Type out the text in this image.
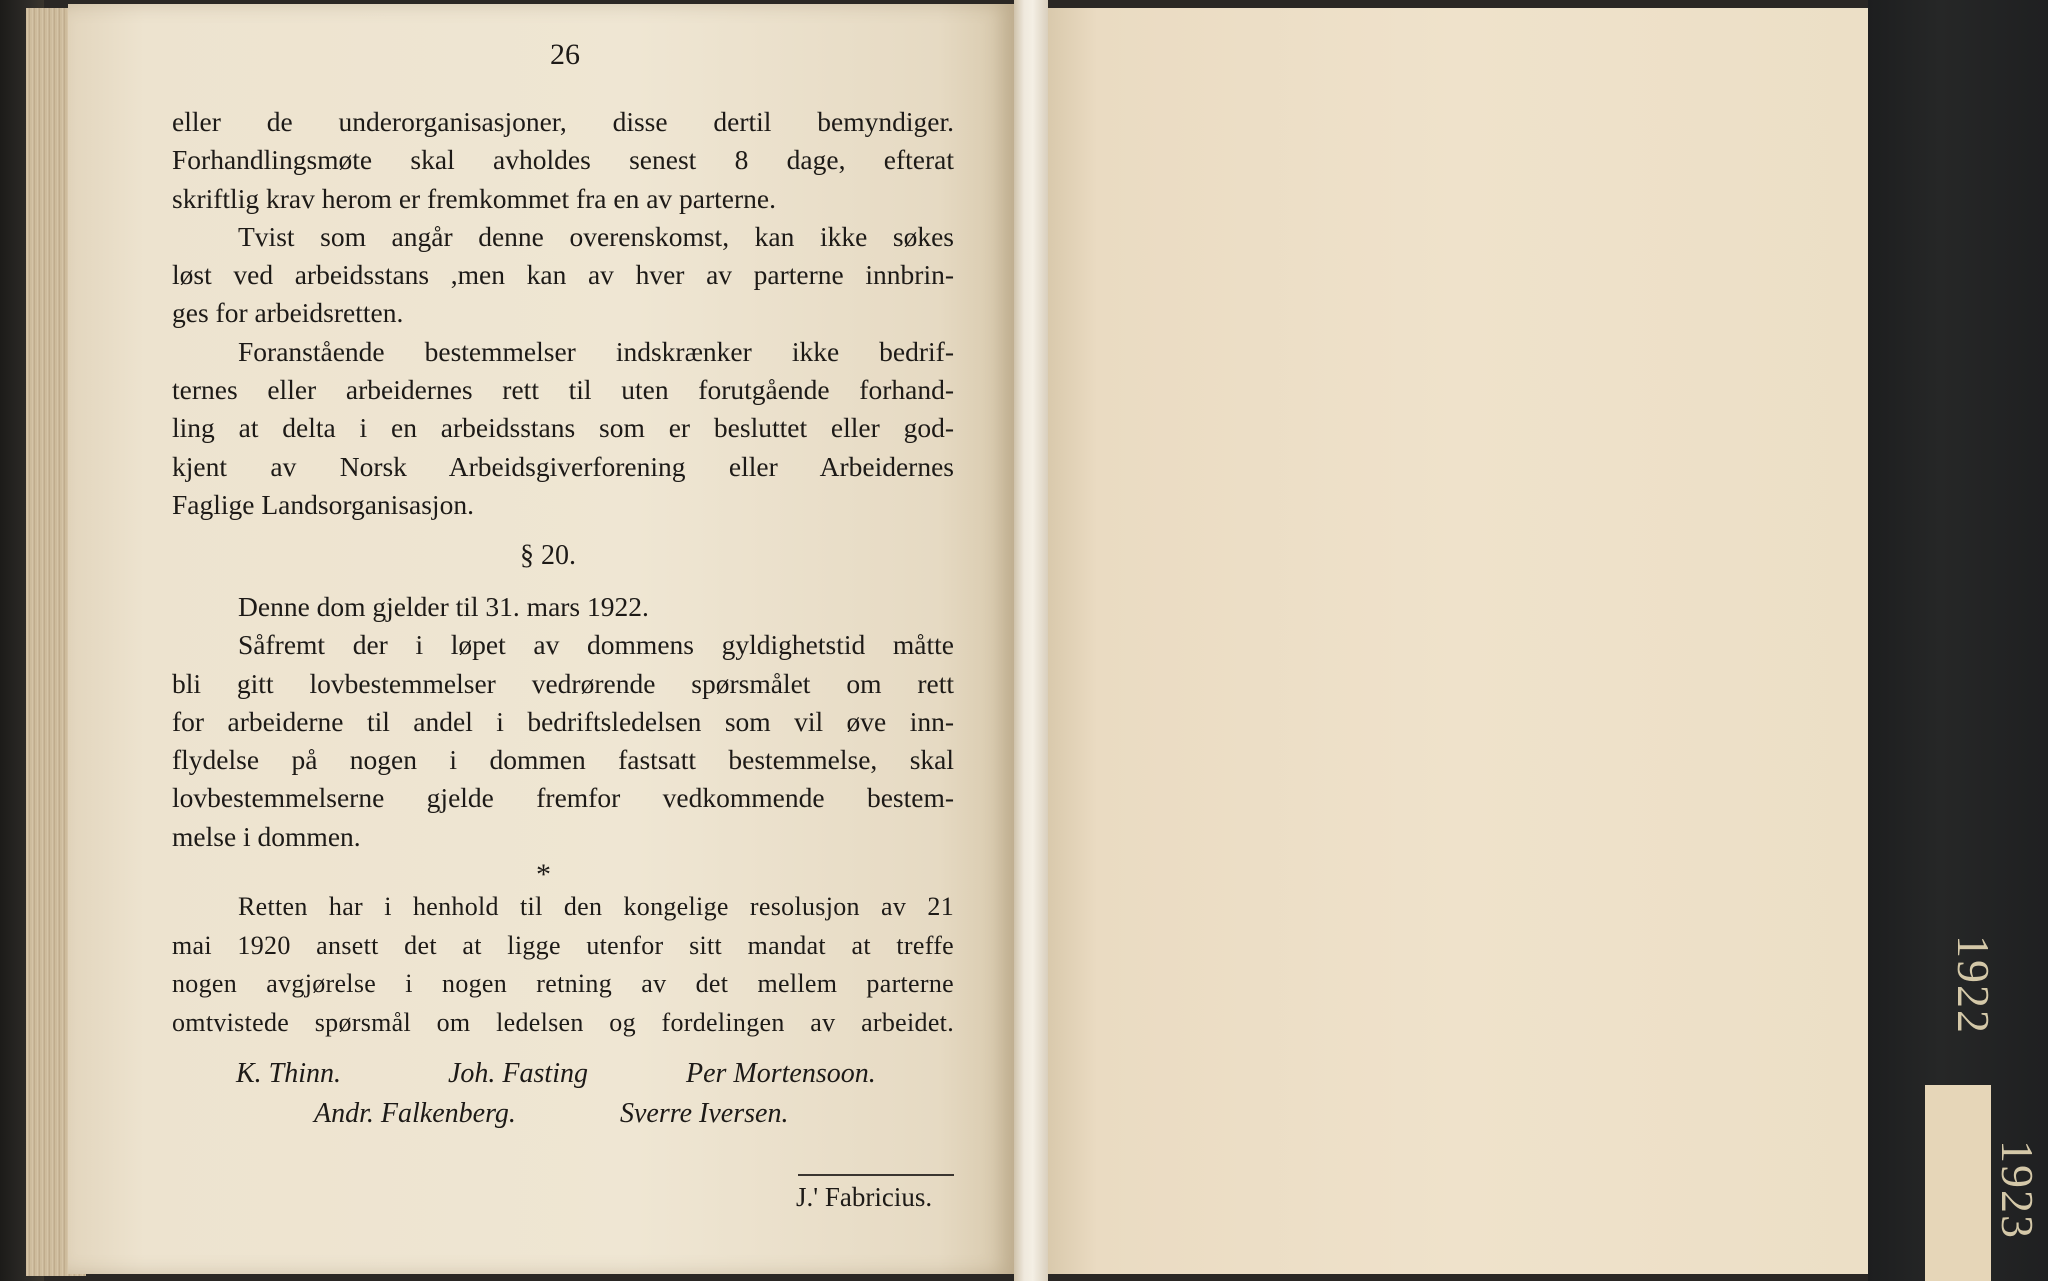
1922
1923
26
eller de underorganisasjoner, disse dertil bemyndiger.
Forhandlingsmøte skal avholdes senest 8 dage, efterat
skriftlig krav herom er fremkommet fra en av parterne.
Tvist som angår denne overenskomst, kan ikke søkes
løst ved arbeidsstans ,men kan av hver av parterne innbrin-
ges for arbeidsretten.
Foranstående bestemmelser indskrænker ikke bedrif-
ternes eller arbeidernes rett til uten forutgående forhand-
ling at delta i en arbeidsstans som er besluttet eller god-
kjent av Norsk Arbeidsgiverforening eller Arbeidernes
Faglige Landsorganisasjon.
§ 20.
Denne dom gjelder til 31. mars 1922.
Såfremt der i løpet av dommens gyldighetstid måtte
bli gitt lovbestemmelser vedrørende spørsmålet om rett
for arbeiderne til andel i bedriftsledelsen som vil øve inn-
flydelse på nogen i dommen fastsatt bestemmelse, skal
lovbestemmelserne gjelde fremfor vedkommende bestem-
melse i dommen.
*
Retten har i henhold til den kongelige resolusjon av 21
mai 1920 ansett det at ligge utenfor sitt mandat at treffe
nogen avgjørelse i nogen retning av det mellem parterne
omtvistede spørsmål om ledelsen og fordelingen av arbeidet.
K. Thinn.	Joh. Fasting	Per Mortensoon.
Andr. Falkenberg.	Sverre Iversen.
J.' Fabricius.
